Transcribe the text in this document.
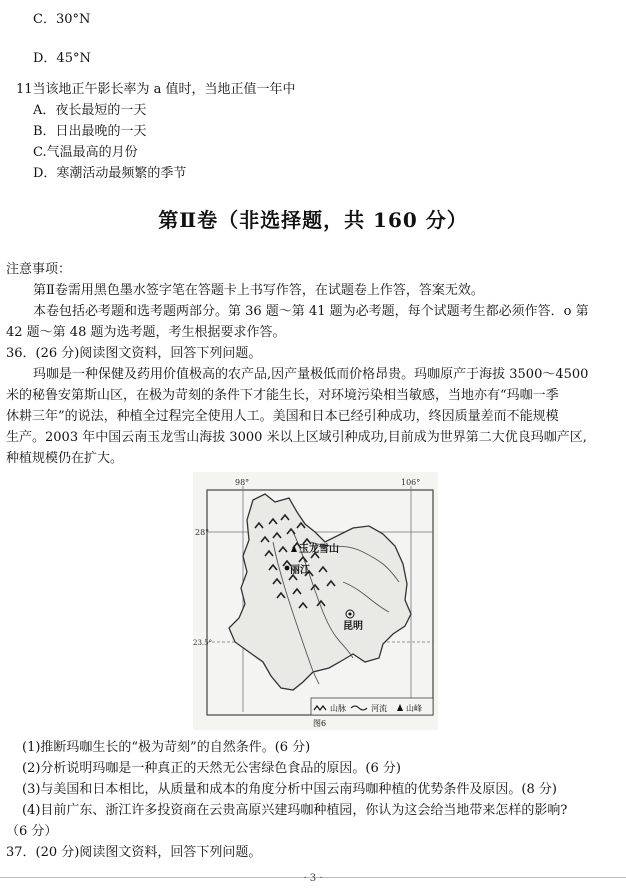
C．30°N
D．45°N
11当该地正午影长率为 a 值时，当地正值一年中
A．夜长最短的一天
B．日出最晚的一天
C.气温最高的月份
D．寒潮活动最频繁的季节
第Ⅱ卷（非选择题，共 160 分）
注意事项：
第Ⅱ卷需用黑色墨水签字笔在答题卡上书写作答，在试题卷上作答，答案无效。
本卷包括必考题和选考题两部分。第 36 题～第 41 题为必考题，每个试题考生都必须作答．o 第
42 题～第 48 题为选考题，考生根据要求作答。
36．(26 分)阅读图文资料，回答下列问题。
玛咖是一种保健及药用价值极高的农产品,因产量极低而价格昂贵。玛咖原产于海拔 3500～4500
米的秘鲁安第斯山区，在极为苛刻的条件下才能生长，对环境污染相当敏感，当地亦有“玛咖一季
休耕三年”的说法，种植全过程完全使用人工。美国和日本已经引种成功，终因质量差而不能规模
生产。2003 年中国云南玉龙雪山海拔 3000 米以上区域引种成功,目前成为世界第二大优良玛咖产区,
种植规模仍在扩大。
98°	106°
28°
23.5°
玉龙雪山
丽江
昆明
山脉	河流 山峰
图6
(1)推断玛咖生长的“极为苛刻”的自然条件。(6 分)
(2)分析说明玛咖是一种真正的天然无公害绿色食品的原因。(6 分)
(3)与美国和日本相比，从质量和成本的角度分析中国云南玛咖种植的优势条件及原因。(8 分)
(4)目前广东、浙江许多投资商在云贵高原兴建玛咖种植园，你认为这会给当地带来怎样的影响?
（6 分）
37．(20 分)阅读图文资料，回答下列问题。
· 3 ·
